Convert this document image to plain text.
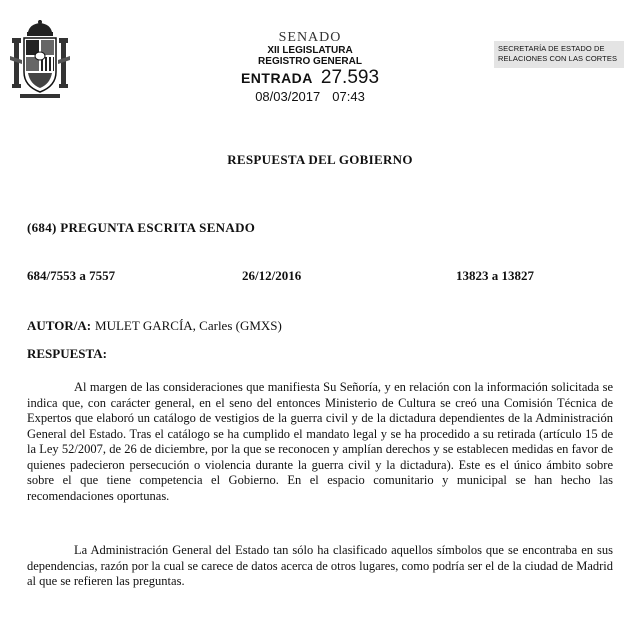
SENADO
XII LEGISLATURA
REGISTRO GENERAL
ENTRADA 27.593
08/03/2017 07:43
SECRETARÍA DE ESTADO DE
RELACIONES CON LAS CORTES
RESPUESTA DEL GOBIERNO
(684) PREGUNTA ESCRITA SENADO
684/7553 a 7557	26/12/2016	13823 a 13827
AUTOR/A: MULET GARCÍA, Carles (GMXS)
RESPUESTA:
Al margen de las consideraciones que manifiesta Su Señoría, y en relación con la información solicitada se indica que, con carácter general, en el seno del entonces Ministerio de Cultura se creó una Comisión Técnica de Expertos que elaboró un catálogo de vestigios de la guerra civil y de la dictadura dependientes de la Administración General del Estado. Tras el catálogo se ha cumplido el mandato legal y se ha procedido a su retirada (artículo 15 de la Ley 52/2007, de 26 de diciembre, por la que se reconocen y amplían derechos y se establecen medidas en favor de quienes padecieron persecución o violencia durante la guerra civil y la dictadura). Este es el único ámbito sobre sobre el que tiene competencia el Gobierno. En el espacio comunitario y municipal se han hecho las recomendaciones oportunas.
La Administración General del Estado tan sólo ha clasificado aquellos símbolos que se encontraba en sus dependencias, razón por la cual se carece de datos acerca de otros lugares, como podría ser el de la ciudad de Madrid al que se refieren las preguntas.
